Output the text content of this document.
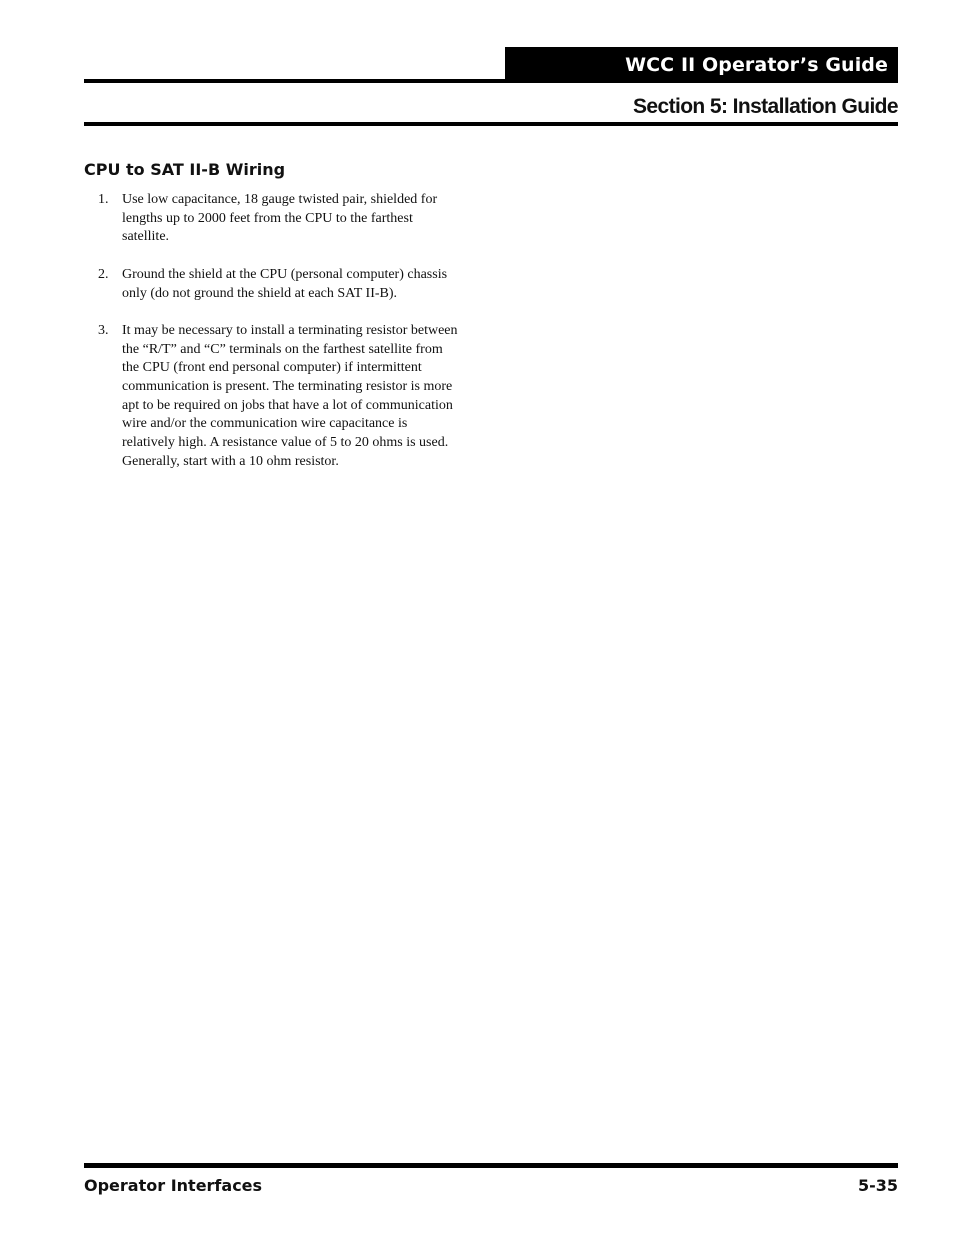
WCC II Operator’s Guide
Section 5: Installation Guide
CPU to SAT II-B Wiring
1. Use low capacitance, 18 gauge twisted pair, shielded for lengths up to 2000 feet from the CPU to the farthest satellite.
2. Ground the shield at the CPU (personal computer) chassis only (do not ground the shield at each SAT II-B).
3. It may be necessary to install a terminating resistor between the “R/T” and “C” terminals on the farthest satellite from the CPU (front end personal computer) if intermittent communication is present. The terminating resistor is more apt to be required on jobs that have a lot of communication wire and/or the communication wire capacitance is relatively high. A resistance value of 5 to 20 ohms is used. Generally, start with a 10 ohm resistor.
Operator Interfaces	5-35
